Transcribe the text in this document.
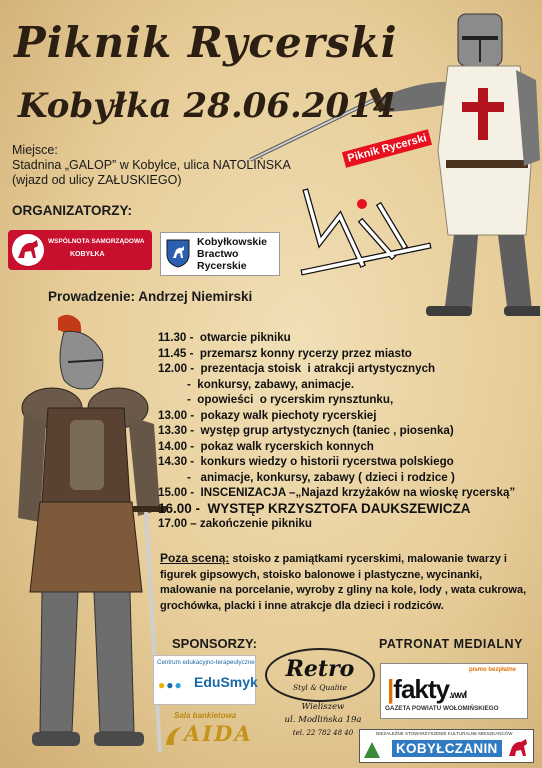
Piknik Rycerski
Kobyłka 28.06.2014
Miejsce:
Stadnina „GALOP” w Kobyłce, ulica NATOLIŃSKA
(wjazd od ulicy ZAŁUSKIEGO)
ORGANIZATORZY:
WSPÓLNOTA SAMORZĄDOWA
KOBYŁKA
Kobyłkowskie
Bractwo
Rycerskie
Prowadzenie: Andrzej Niemirski
Piknik Rycerski
11.30 -  otwarcie pikniku
11.45 -  przemarsz konny rycerzy przez miasto
12.00 -  prezentacja stoisk  i atrakcji artystycznych
-  konkursy, zabawy, animacje.
-  opowieści  o rycerskim rynsztunku,
13.00 -  pokazy walk piechoty rycerskiej
13.30 -  występ grup artystycznych (taniec , piosenka)
14.00 -  pokaz walk rycerskich konnych
14.30 -  konkurs wiedzy o historii rycerstwa polskiego
-   animacje, konkursy, zabawy ( dzieci i rodzice )
15.00 -  INSCENIZACJA –„Najazd krzyżaków na wioskę rycerską”
16.00 -  WYSTĘP KRZYSZTOFA DAUKSZEWICZA
17.00 – zakończenie pikniku
Poza sceną: stoisko z pamiątkami rycerskimi, malowanie twarzy i figurek gipsowych, stoisko balonowe i plastyczne, wycinanki, malowanie na porcelanie, wyroby z gliny na kole, lody , wata cukrowa, grochówka, placki i inne atrakcje dla dzieci i rodziców.
SPONSORZY:	PATRONAT MEDIALNY
Centrum edukacyjno-terapeutyczne
●●● EduSmyk
Sala bankietowa
AIDA
Retro
Styl & Qualite
Wieliszew
ul. Modlińska 19a
tel. 22 782 48 40
pismo bezpłatne
|fakty.wwl
GAZETA POWIATU WOŁOMIŃSKIEGO
NIEZALEŻNE STOWARZYSZENIE KULTURALNE MIESZKAŃCÓW
KOBYŁCZANIN
